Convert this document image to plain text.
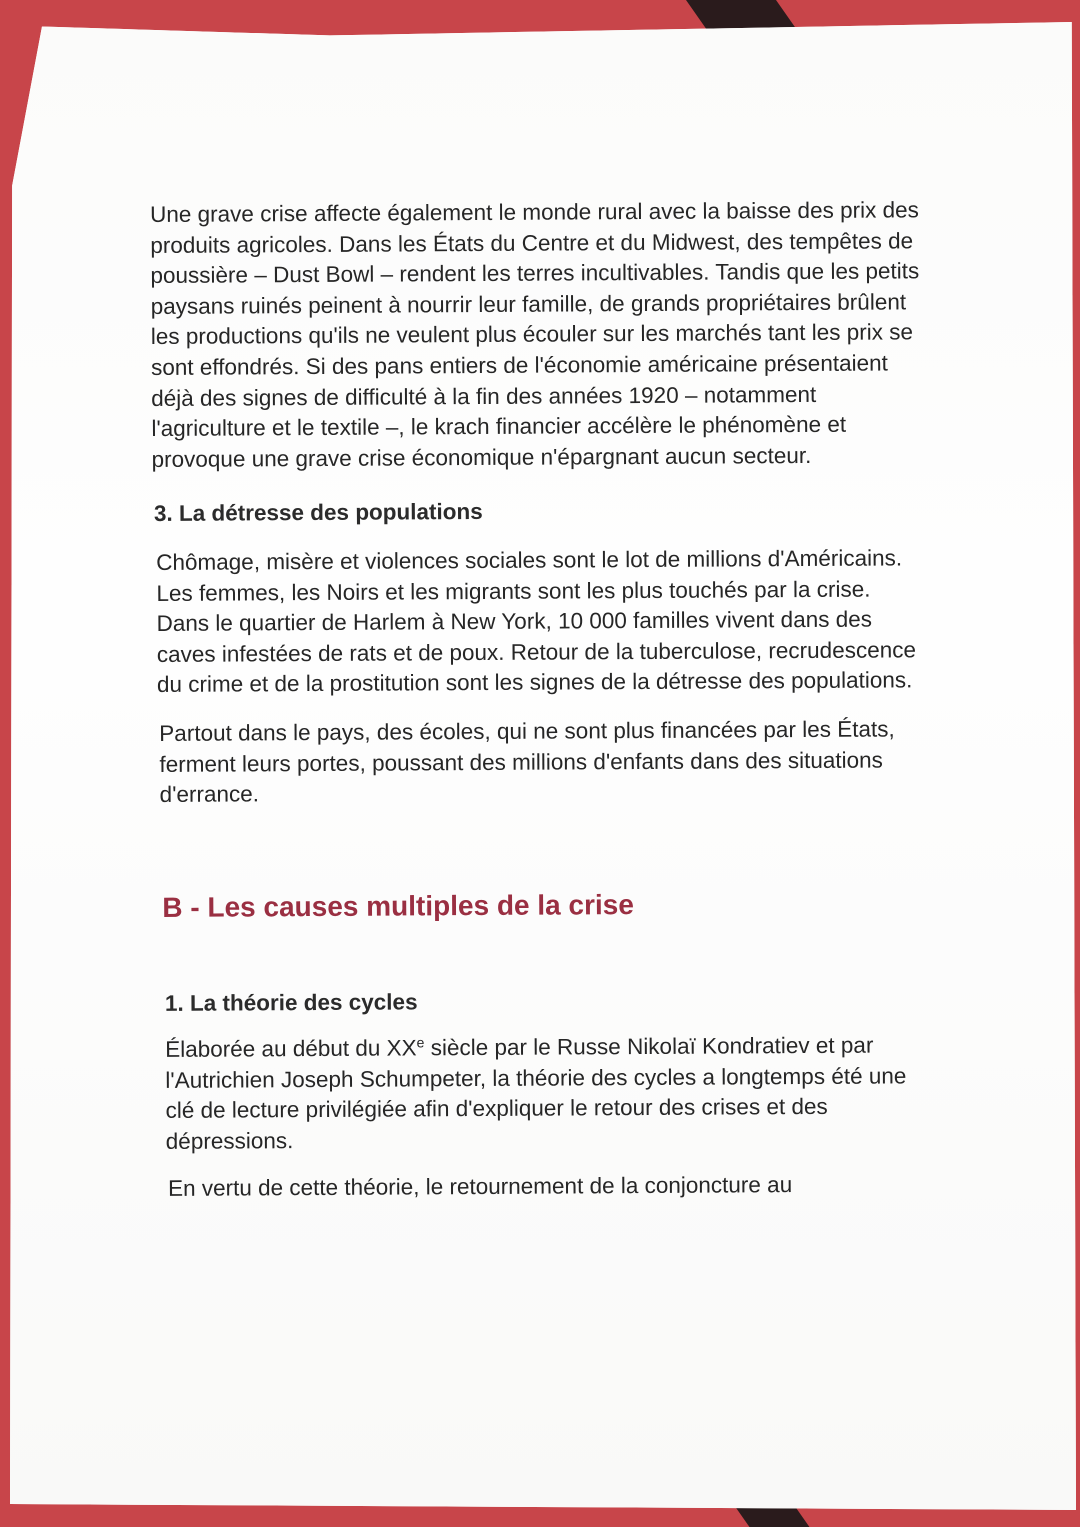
Une grave crise affecte également le monde rural avec la baisse des prix des produits agricoles. Dans les États du Centre et du Midwest, des tempêtes de poussière – Dust Bowl – rendent les terres incultivables. Tandis que les petits paysans ruinés peinent à nourrir leur famille, de grands propriétaires brûlent les productions qu'ils ne veulent plus écouler sur les marchés tant les prix se sont effondrés. Si des pans entiers de l'économie américaine présentaient déjà des signes de difficulté à la fin des années 1920 – notamment l'agriculture et le textile –, le krach financier accélère le phénomène et provoque une grave crise économique n'épargnant aucun secteur.

3. La détresse des populations

Chômage, misère et violences sociales sont le lot de millions d'Américains. Les femmes, les Noirs et les migrants sont les plus touchés par la crise. Dans le quartier de Harlem à New York, 10 000 familles vivent dans des caves infestées de rats et de poux. Retour de la tuberculose, recrudescence du crime et de la prostitution sont les signes de la détresse des populations.

Partout dans le pays, des écoles, qui ne sont plus financées par les États, ferment leurs portes, poussant des millions d'enfants dans des situations d'errance.

B - Les causes multiples de la crise

1. La théorie des cycles

Élaborée au début du XXe siècle par le Russe Nikolaï Kondratiev et par l'Autrichien Joseph Schumpeter, la théorie des cycles a longtemps été une clé de lecture privilégiée afin d'expliquer le retour des crises et des dépressions.

En vertu de cette théorie, le retournement de la conjoncture au
